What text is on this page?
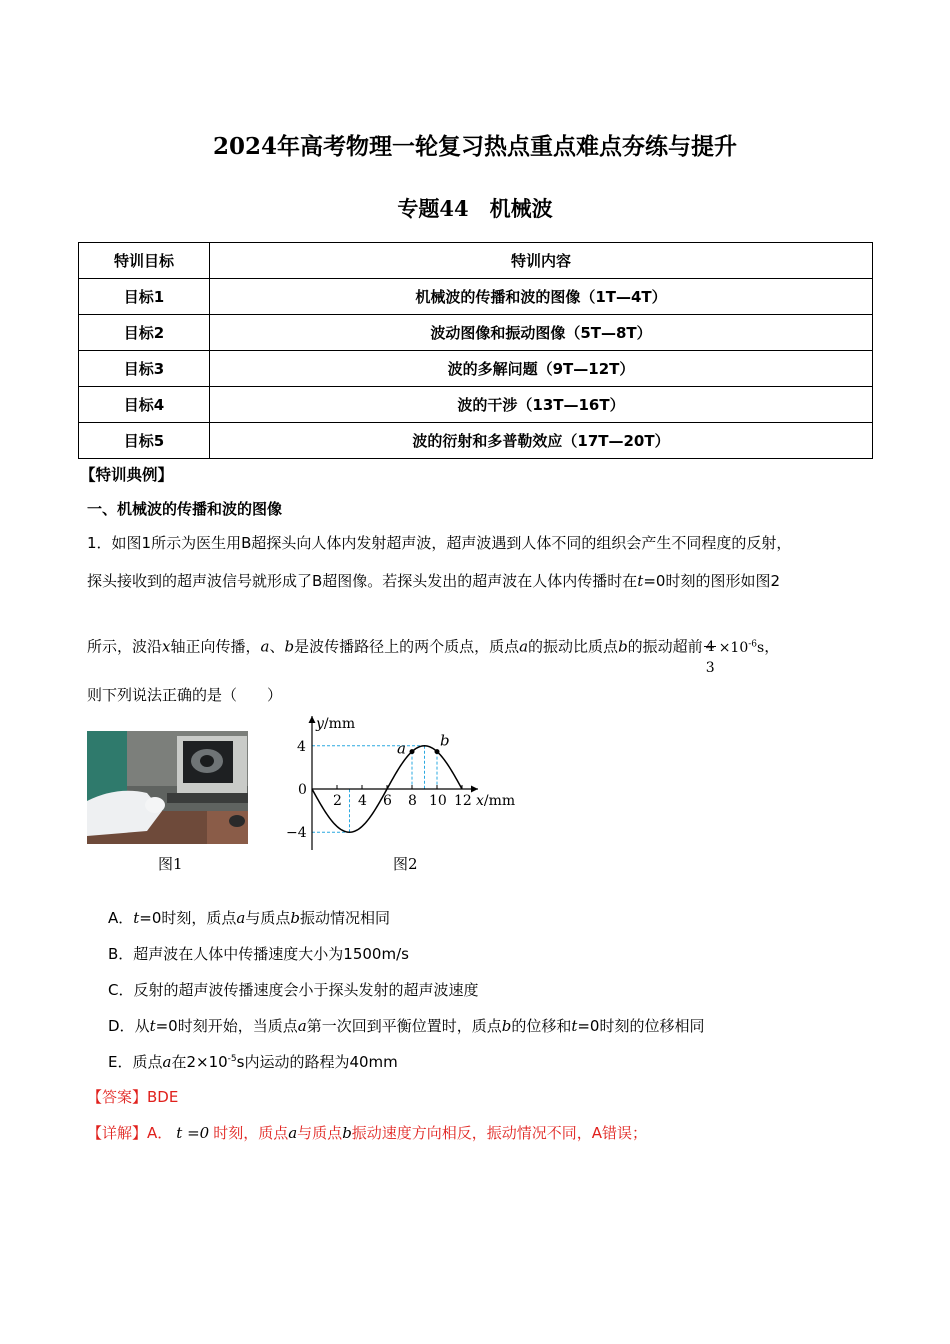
2024年高考物理一轮复习热点重点难点夯练与提升
专题44　机械波
特训目标	特训内容
目标1	机械波的传播和波的图像（1T—4T）
目标2	波动图像和振动图像（5T—8T）
目标3	波的多解问题（9T—12T）
目标4	波的干涉（13T—16T）
目标5	波的衍射和多普勒效应（17T—20T）
【特训典例】
一、机械波的传播和波的图像
1．如图1所示为医生用B超探头向人体内发射超声波，超声波遇到人体不同的组织会产生不同程度的反射，
探头接收到的超声波信号就形成了B超图像。若探头发出的超声波在人体内传播时在t=0时刻的图形如图2
所示，波沿x轴正向传播，a、b是波传播路径上的两个质点，质点a的振动比质点b的振动超前 4
3
$\times 10^{-6}s$，
则下列说法正确的是（　　）
图1
y/mm
x/mm
0
4
−4
2 4 6 8 10 12
a b
图2
A．t=0时刻，质点a与质点b振动情况相同
B．超声波在人体中传播速度大小为1500m/s
C．反射的超声波传播速度会小于探头发射的超声波速度
D．从t=0时刻开始，当质点a第一次回到平衡位置时，质点b的位移和t=0时刻的位移相同
E．质点a在$2\times 10^{-5}s$内运动的路程为40mm
【答案】BDE
【详解】A． t =0 时刻，质点a与质点b振动速度方向相反，振动情况不同，A错误；
